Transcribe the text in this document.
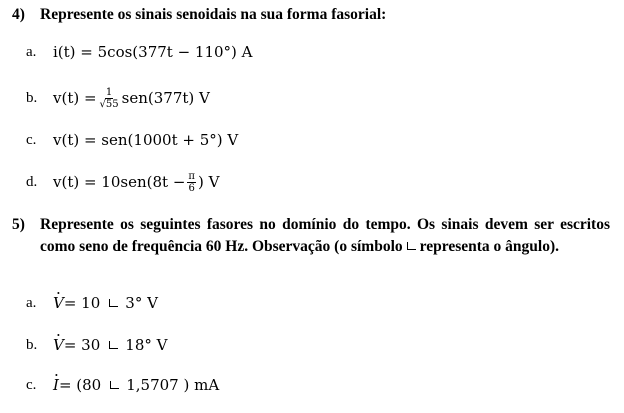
4) Represente os sinais senoidais na sua forma fasorial:
a.	i(t) = 5cos(377t − 110°) A
b.	$v(t) = \frac{1}{√55} sen(377t)$ V
c.	v(t) = sen(1000t + 5°) V
d.	$v(t) = 10sen(8t - \frac{\pi}{6}$ ) V
5) Represente os seguintes fasores no domínio do tempo. Os sinais devem ser escritos como seno de frequência 60 Hz. Observação (o símbolo representa o ângulo).
a.	V = 10 3° V
b.	V = 30 18° V
c.	I = (80 1,5707 ) mA
